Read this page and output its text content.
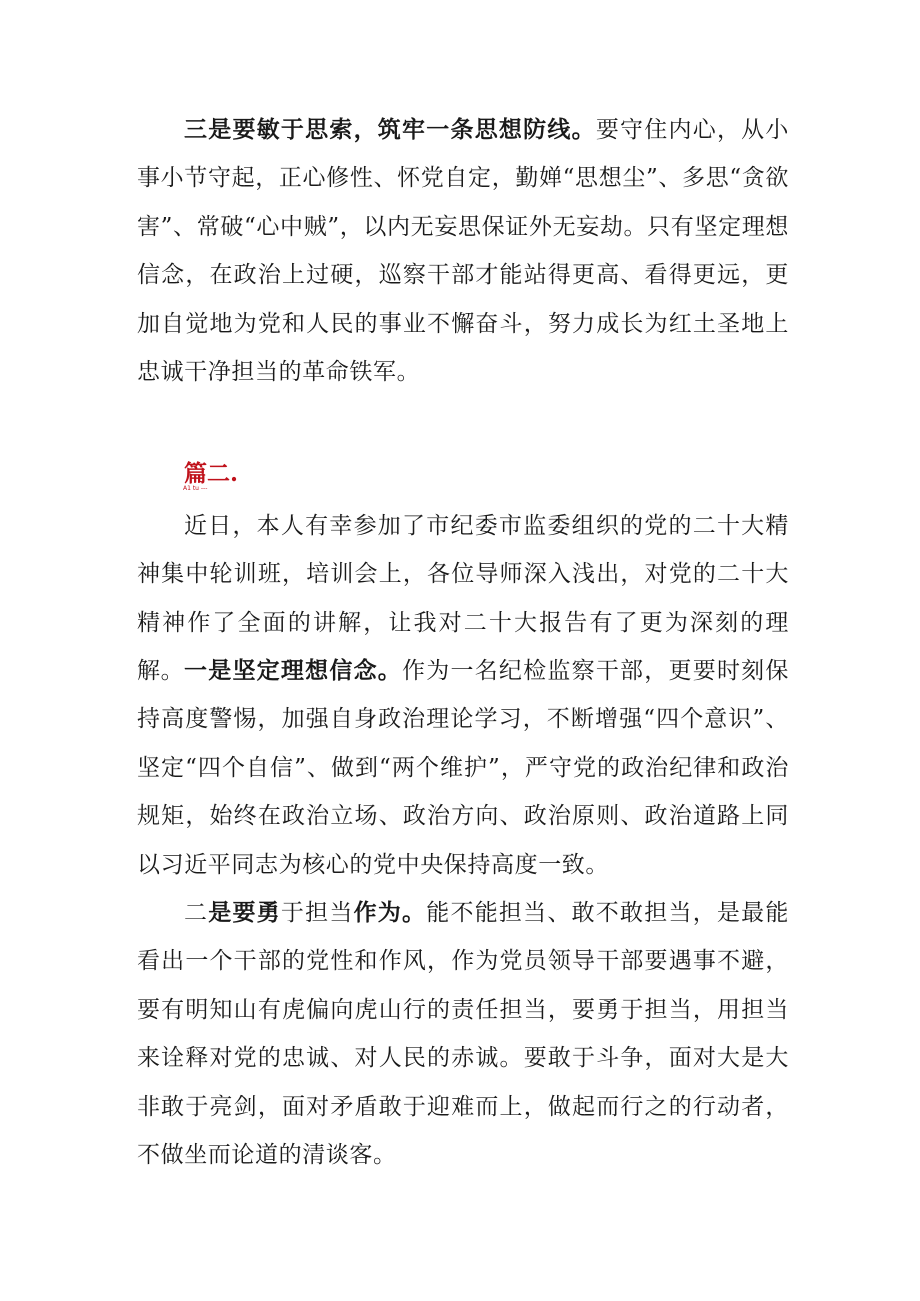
三是要敏于思索，筑牢一条思想防线。要守住内心，从小事小节守起，正心修性、怀党自定，勤婵“思想尘”、多思“贪欲害”、常破“心中贼”，以内无妄思保证外无妄劫。只有坚定理想信念，在政治上过硬，巡察干部才能站得更高、看得更远，更加自觉地为党和人民的事业不懈奋斗，努力成长为红土圣地上忠诚干净担当的革命铁军。

篇二.
A1 tu ---

近日，本人有幸参加了市纪委市监委组织的党的二十大精神集中轮训班，培训会上，各位导师深入浅出，对党的二十大精神作了全面的讲解，让我对二十大报告有了更为深刻的理解。 一是坚定理想信念。作为一名纪检监察干部，更要时刻保持高度警惕，加强自身政治理论学习，不断增强“四个意识”、坚定“四个自信”、做到“两个维护”，严守党的政治纪律和政治规矩，始终在政治立场、政治方向、政治原则、政治道路上同以习近平同志为核心的党中央保持高度一致。

二是要勇于担当作为。能不能担当、敢不敢担当，是最能看出一个干部的党性和作风，作为党员领导干部要遇事不避，要有明知山有虎偏向虎山行的责任担当，要勇于担当，用担当来诠释对党的忠诚、对人民的赤诚。要敢于斗争，面对大是大非敢于亮剑，面对矛盾敢于迎难而上，做起而行之的行动者，不做坐而论道的清谈客。
